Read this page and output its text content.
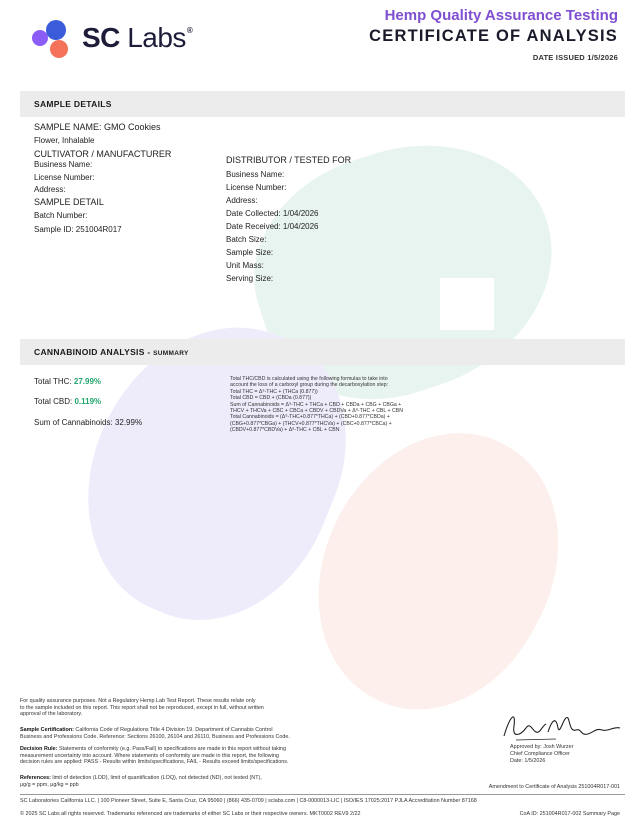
SC Labs®
Hemp Quality Assurance Testing
CERTIFICATE OF ANALYSIS
DATE ISSUED 1/5/2026
SAMPLE DETAILS
SAMPLE NAME: GMO Cookies
Flower, Inhalable
CULTIVATOR / MANUFACTURER
Business Name:
License Number:
Address:
SAMPLE DETAIL
Batch Number:
Sample ID: 251004R017
DISTRIBUTOR / TESTED FOR
Business Name:
License Number:
Address:
Date Collected: 1/04/2026
Date Received: 1/04/2026
Batch Size:
Sample Size:
Unit Mass:
Serving Size:
CANNABINOID ANALYSIS - SUMMARY
Total THC: 27.99%
Total CBD: 0.119%
Sum of Cannabinoids: 32.99%
Total THC/CBD is calculated using the following formulas to take into
account the loss of a carboxyl group during the decarboxylation step:
Total THC = Δ⁹-THC + (THCa (0.877))
Total CBD = CBD + (CBDa (0.877))
Sum of Cannabinoids = Δ⁹-THC + THCa + CBD + CBDa + CBG + CBGa +
THCV + THCVa + CBC + CBCa + CBDV + CBDVa + Δ⁸-THC + CBL + CBN
Total Cannabinoids = (Δ⁹-THC+0.877*THCa) + (CBD+0.877*CBDa) +
(CBG+0.877*CBGa) + (THCV+0.877*THCVa) + (CBC+0.877*CBCa) +
(CBDV+0.877*CBDVa) + Δ⁸-THC + CBL + CBN
For quality assurance purposes. Not a Regulatory Hemp Lab Test Report. These results relate only
to the sample included on this report. This report shall not be reproduced, except in full, without written
approval of the laboratory.
Sample Certification: California Code of Regulations Title 4 Division 19. Department of Cannabis Control
Business and Professions Code. Reference: Sections 26100, 26104 and 26110, Business and Professions Code.
Decision Rule: Statements of conformity (e.g. Pass/Fail) to specifications are made in this report without taking
measurement uncertainty into account. Where statements of conformity are made in this report, the following
decision rules are applied: PASS - Results within limits/specifications, FAIL - Results exceed limits/specifications.
References: limit of detection (LOD), limit of quantification (LOQ), not detected (ND), not tested (NT),
μg/g = ppm, μg/kg = ppb
Approved by: Josh Wurzer
Chief Compliance Officer
Date: 1/5/2026
Amendment to Certificate of Analysis 251004R017-001
SC Laboratories California LLC. | 100 Pioneer Street, Suite E, Santa Cruz, CA 95060 | (866) 435-0709 | sclabs.com | C8-0000013-LIC | ISO/IES 17025:2017 PJLA Accreditation Number 87168
© 2025 SC Labs all rights reserved. Trademarks referenced are trademarks of either SC Labs or their respective owners. MKT0002 REV9 2/22	CoA ID: 251004R017-002 Summary Page
